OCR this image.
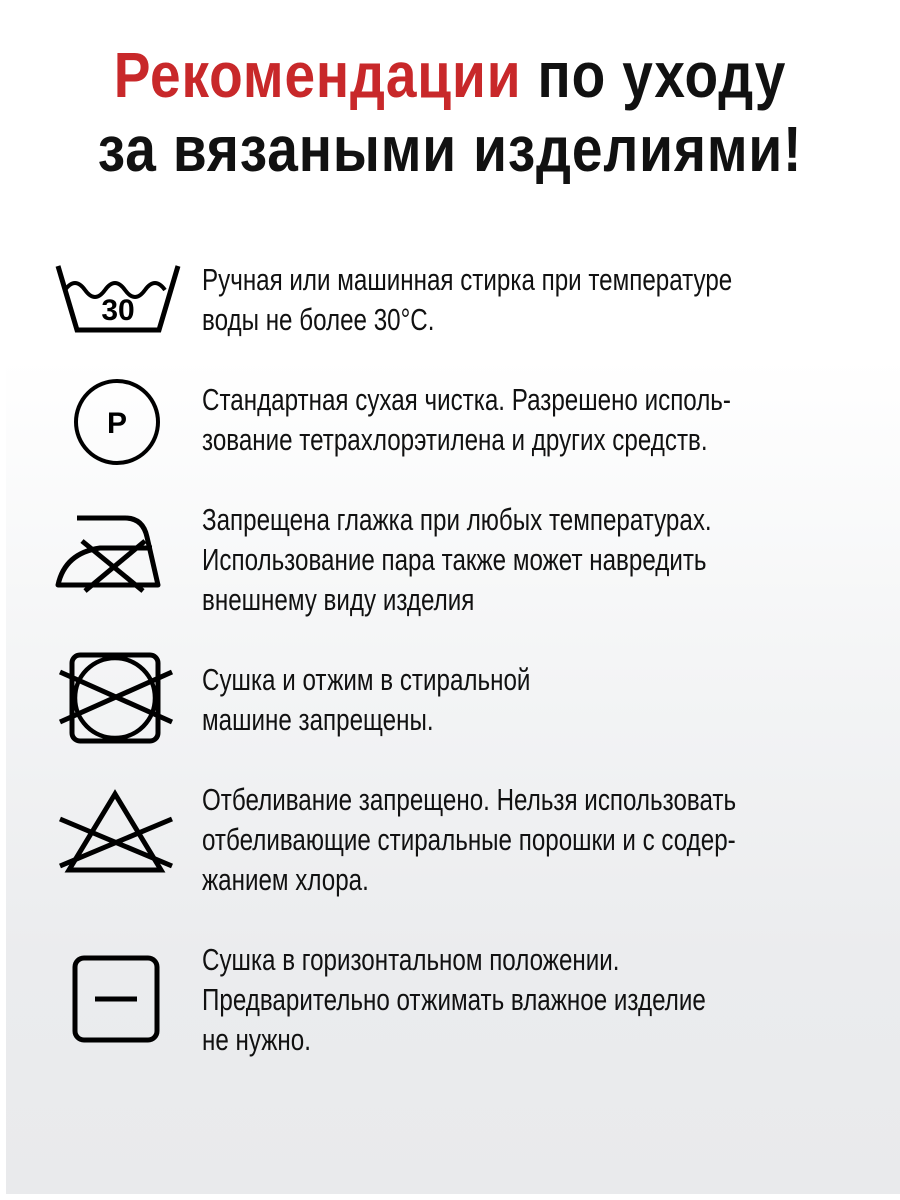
Рекомендации по уходу
за вязаными изделиями!
30
Ручная или машинная стирка при температуре
воды не более 30°С.
P
Стандартная сухая чистка. Разрешено исполь-
зование тетрахлорэтилена и других средств.
Запрещена глажка при любых температурах.
Использование пара также может навредить
внешнему виду изделия
Сушка и отжим в стиральной
машине запрещены.
Отбеливание запрещено. Нельзя использовать
отбеливающие стиральные порошки и с содер-
жанием хлора.
Сушка в горизонтальном положении.
Предварительно отжимать влажное изделие
не нужно.
